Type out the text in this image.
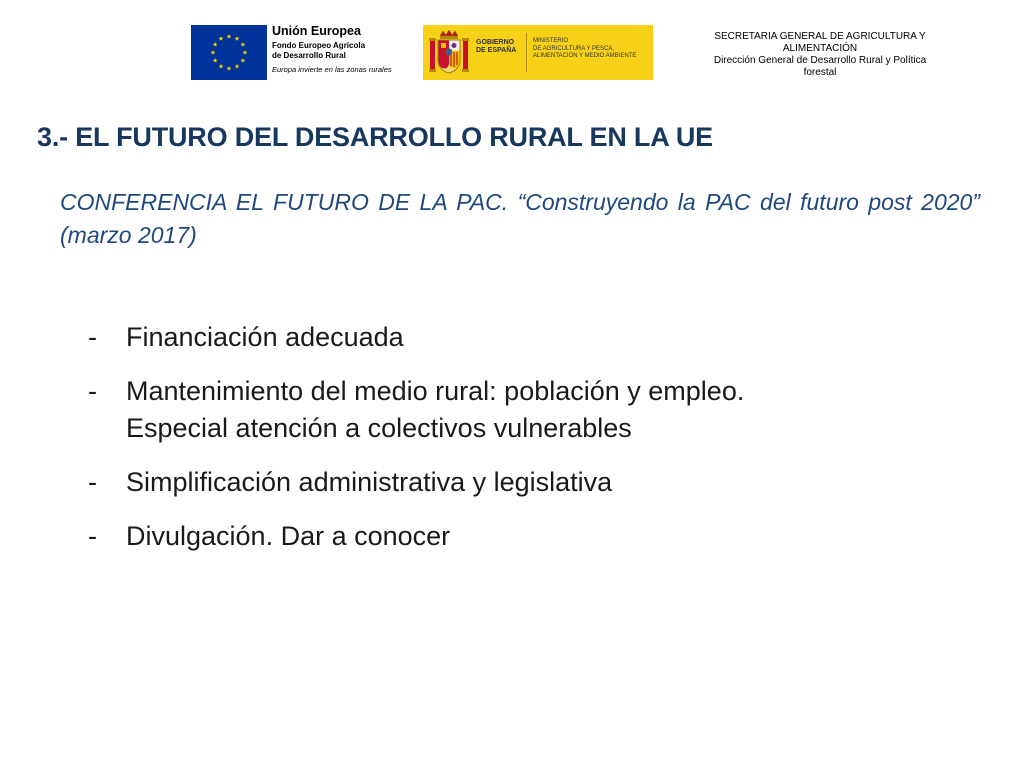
Unión Europea
Fondo Europeo Agrícola
de Desarrollo Rural
Europa invierte en las zonas rurales
GOBIERNO
DE ESPAÑA
MINISTERIO
DE AGRICULTURA Y PESCA,
ALIMENTACIÓN Y MEDIO AMBIENTE
SECRETARIA GENERAL DE AGRICULTURA Y
ALIMENTACIÓN
Dirección General de Desarrollo Rural y Política
forestal
3.- EL FUTURO DEL DESARROLLO RURAL EN LA UE

CONFERENCIA EL FUTURO DE LA PAC. “Construyendo la PAC del futuro post 2020” (marzo 2017)

- Financiación adecuada
- Mantenimiento del medio rural: población y empleo. Especial atención a colectivos vulnerables
- Simplificación administrativa y legislativa
- Divulgación. Dar a conocer
